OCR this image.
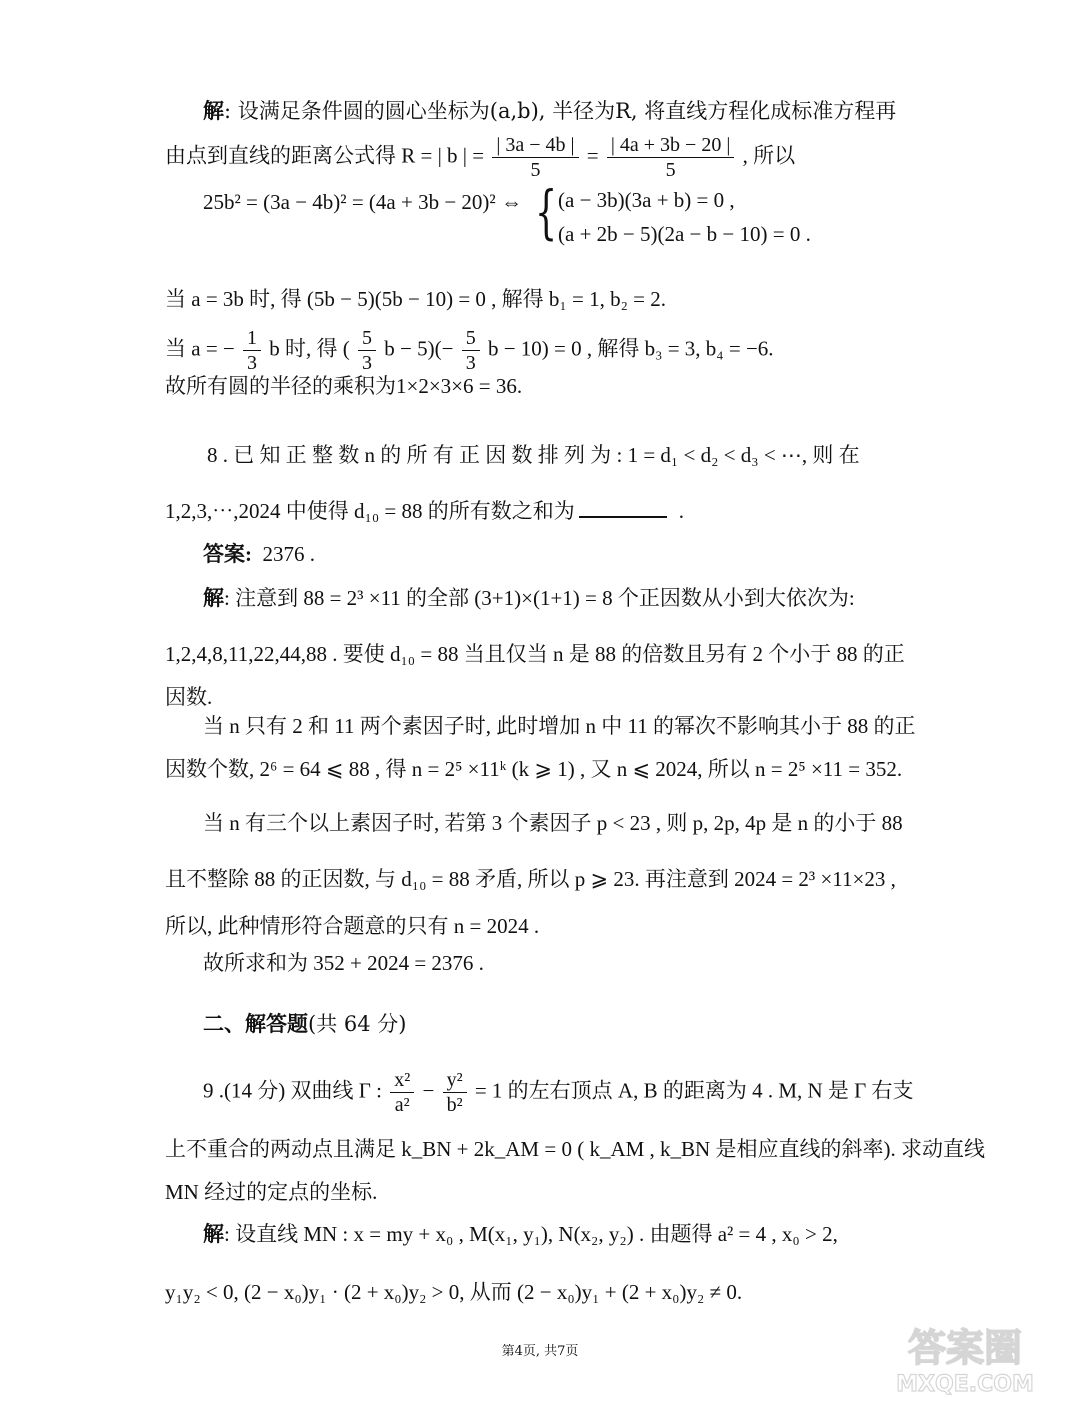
解: 设满足条件圆的圆心坐标为(a,b), 半径为R, 将直线方程化成标准方程再
由点到直线的距离公式得 R = | b | = $\frac{| 3a - 4b |}{5} = \frac{| 4a + 3b - 20 |}{5}$ , 所以
25b² = (3a − 4b)² = (4a + 3b − 20)² ⇔ { (a − 3b)(3a + b) = 0 ,
(a + 2b − 5)(2a − b − 10) = 0 .
当 a = 3b 时, 得 (5b − 5)(5b − 10) = 0 , 解得 b₁ = 1, b₂ = 2.
当 a = − $\frac{1}{3}$ b 时, 得 ( $\frac{5}{3}$ $b - 5)(- \frac{5}{3}$ b − 10) = 0 , 解得 b₃ = 3, b₄ = −6.
故所有圆的半径的乘积为1×2×3×6 = 36.
8 . 已 知 正 整 数 n 的 所 有 正 因 数 排 列 为 : 1 = d₁ < d₂ < d₃ < ⋯, 则 在
1,2,3,⋯,2024 中使得 d₁₀ = 88 的所有数之和为	.
答案: 2376 .
解: 注意到 88 = 2³ ×11 的全部 (3+1)×(1+1) = 8 个正因数从小到大依次为:
1,2,4,8,11,22,44,88 . 要使 d₁₀ = 88 当且仅当 n 是 88 的倍数且另有 2 个小于 88 的正
因数.
当 n 只有 2 和 11 两个素因子时, 此时增加 n 中 11 的幂次不影响其小于 88 的正
因数个数, 2⁶ = 64 ⩽ 88 , 得 n = 2⁵ ×11ᵏ (k ⩾ 1) , 又 n ⩽ 2024, 所以 n = 2⁵ ×11 = 352.
当 n 有三个以上素因子时, 若第 3 个素因子 p < 23 , 则 p, 2p, 4p 是 n 的小于 88
且不整除 88 的正因数, 与 d₁₀ = 88 矛盾, 所以 p ⩾ 23. 再注意到 2024 = 2³ ×11×23 ,
所以, 此种情形符合题意的只有 n = 2024 .
故所求和为 352 + 2024 = 2376 .
二、解答题(共 64 分)
9 .(14 分) 双曲线 Γ : $\frac{\text{x²}}{\text{a²}} - \frac{\text{y²}}{\text{b²}} = 1$ 的左右顶点 A, B 的距离为 4 . M, N 是 Γ 右支
上不重合的两动点且满足 k_BN + 2k_AM = 0 ( k_AM , k_BN 是相应直线的斜率). 求动直线
MN 经过的定点的坐标.
解: 设直线 MN : x = my + x₀ , M(x₁, y₁), N(x₂, y₂) . 由题得 a² = 4 , x₀ > 2,
y₁y₂ < 0, (2 − x₀)y₁ · (2 + x₀)y₂ > 0, 从而 (2 − x₀)y₁ + (2 + x₀)y₂ ≠ 0.
第4页, 共7页	答案圈
MXQE.COM
